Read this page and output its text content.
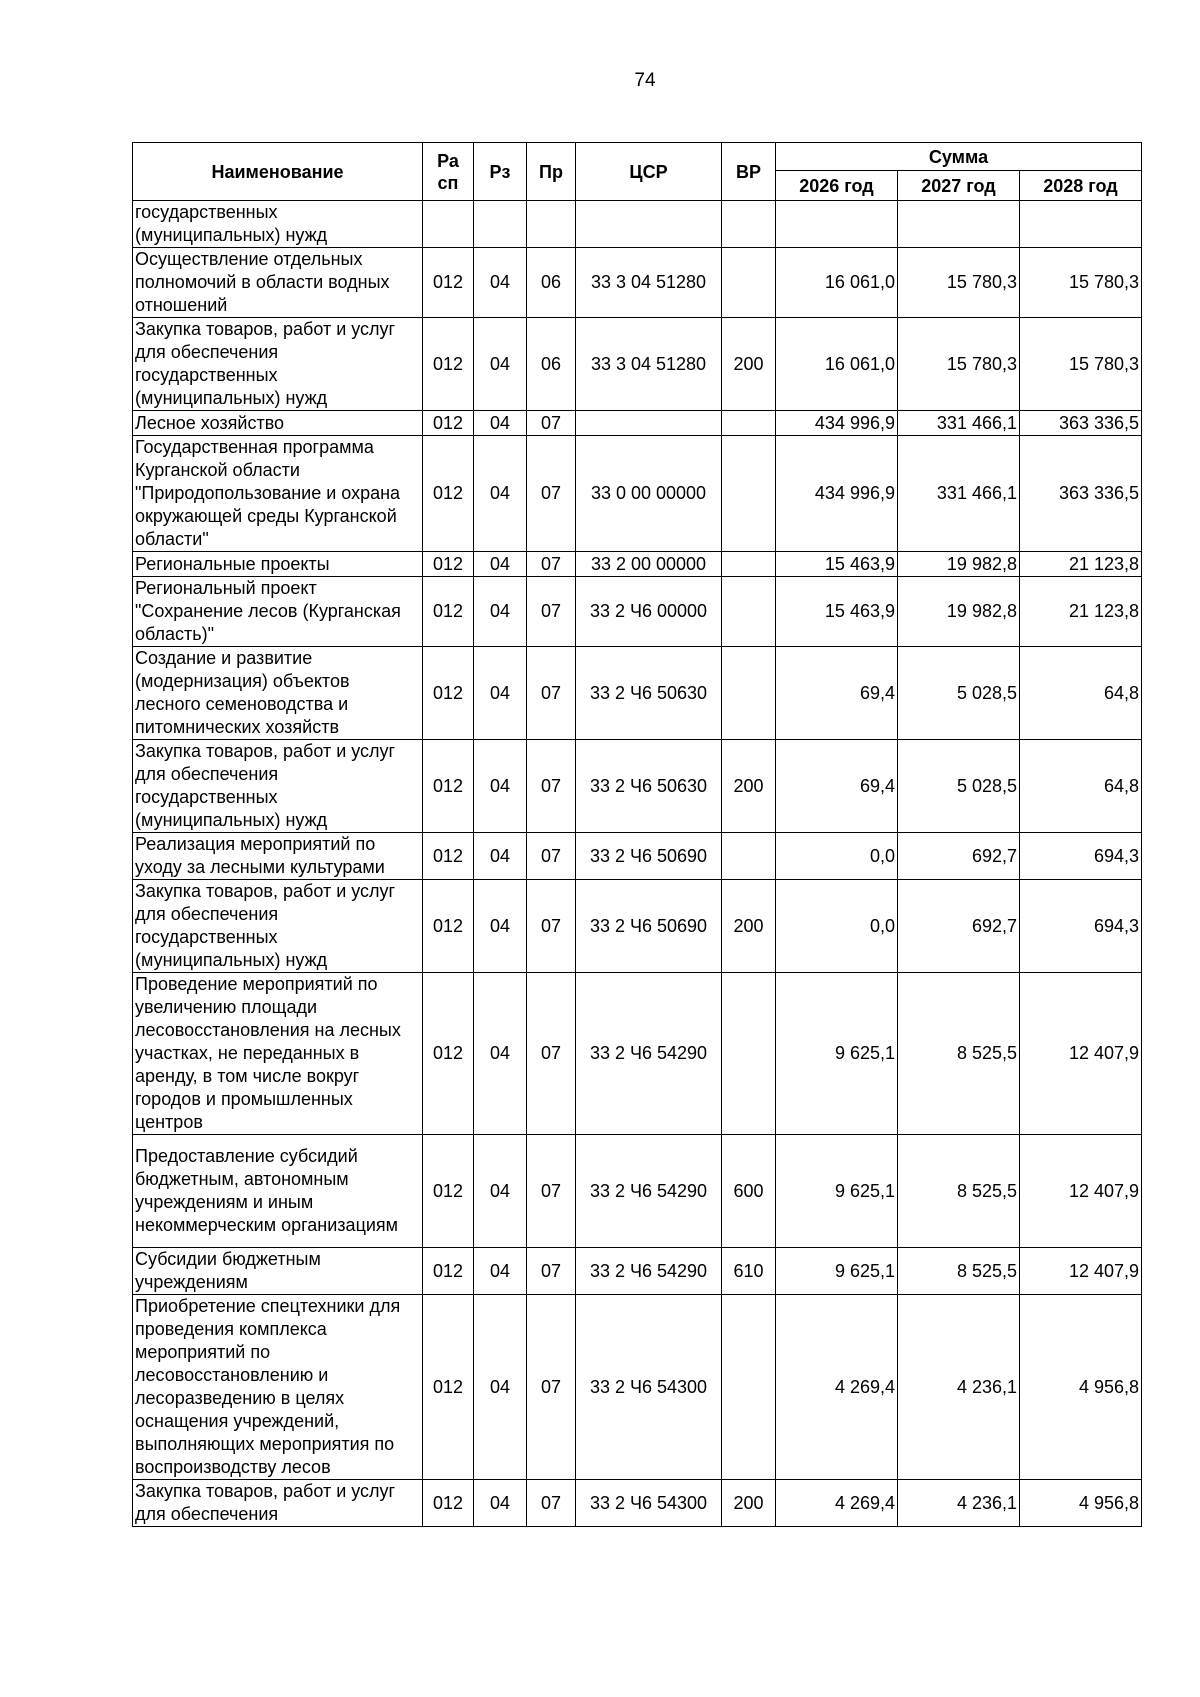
74
Наименование	Ра сп	Рз	Пр	ЦСР	ВР	Сумма		
						2026 год	2027 год	2028 год
государственных (муниципальных) нужд								
Осуществление отдельных полномочий в области водных отношений	012	04	06	33 3 04 51280		16 061,0	15 780,3	15 780,3
Закупка товаров, работ и услуг для обеспечения государственных (муниципальных) нужд	012	04	06	33 3 04 51280	200	16 061,0	15 780,3	15 780,3
Лесное хозяйство	012	04	07			434 996,9	331 466,1	363 336,5
Государственная программа Курганской области "Природопользование и охрана окружающей среды Курганской области"	012	04	07	33 0 00 00000		434 996,9	331 466,1	363 336,5
Региональные проекты	012	04	07	33 2 00 00000		15 463,9	19 982,8	21 123,8
Региональный проект "Сохранение лесов (Курганская область)"	012	04	07	33 2 Ч6 00000		15 463,9	19 982,8	21 123,8
Создание и развитие (модернизация) объектов лесного семеноводства и питомнических хозяйств	012	04	07	33 2 Ч6 50630		69,4	5 028,5	64,8
Закупка товаров, работ и услуг для обеспечения государственных (муниципальных) нужд	012	04	07	33 2 Ч6 50630	200	69,4	5 028,5	64,8
Реализация мероприятий по уходу за лесными культурами	012	04	07	33 2 Ч6 50690		0,0	692,7	694,3
Закупка товаров, работ и услуг для обеспечения государственных (муниципальных) нужд	012	04	07	33 2 Ч6 50690	200	0,0	692,7	694,3
Проведение мероприятий по увеличению площади лесовосстановления на лесных участках, не переданных в аренду, в том числе вокруг городов и промышленных центров	012	04	07	33 2 Ч6 54290		9 625,1	8 525,5	12 407,9
Предоставление субсидий бюджетным, автономным учреждениям и иным некоммерческим организациям	012	04	07	33 2 Ч6 54290	600	9 625,1	8 525,5	12 407,9
Субсидии бюджетным учреждениям	012	04	07	33 2 Ч6 54290	610	9 625,1	8 525,5	12 407,9
Приобретение спецтехники для проведения комплекса мероприятий по лесовосстановлению и лесоразведению в целях оснащения учреждений, выполняющих мероприятия по воспроизводству лесов	012	04	07	33 2 Ч6 54300		4 269,4	4 236,1	4 956,8
Закупка товаров, работ и услуг для обеспечения	012	04	07	33 2 Ч6 54300	200	4 269,4	4 236,1	4 956,8
